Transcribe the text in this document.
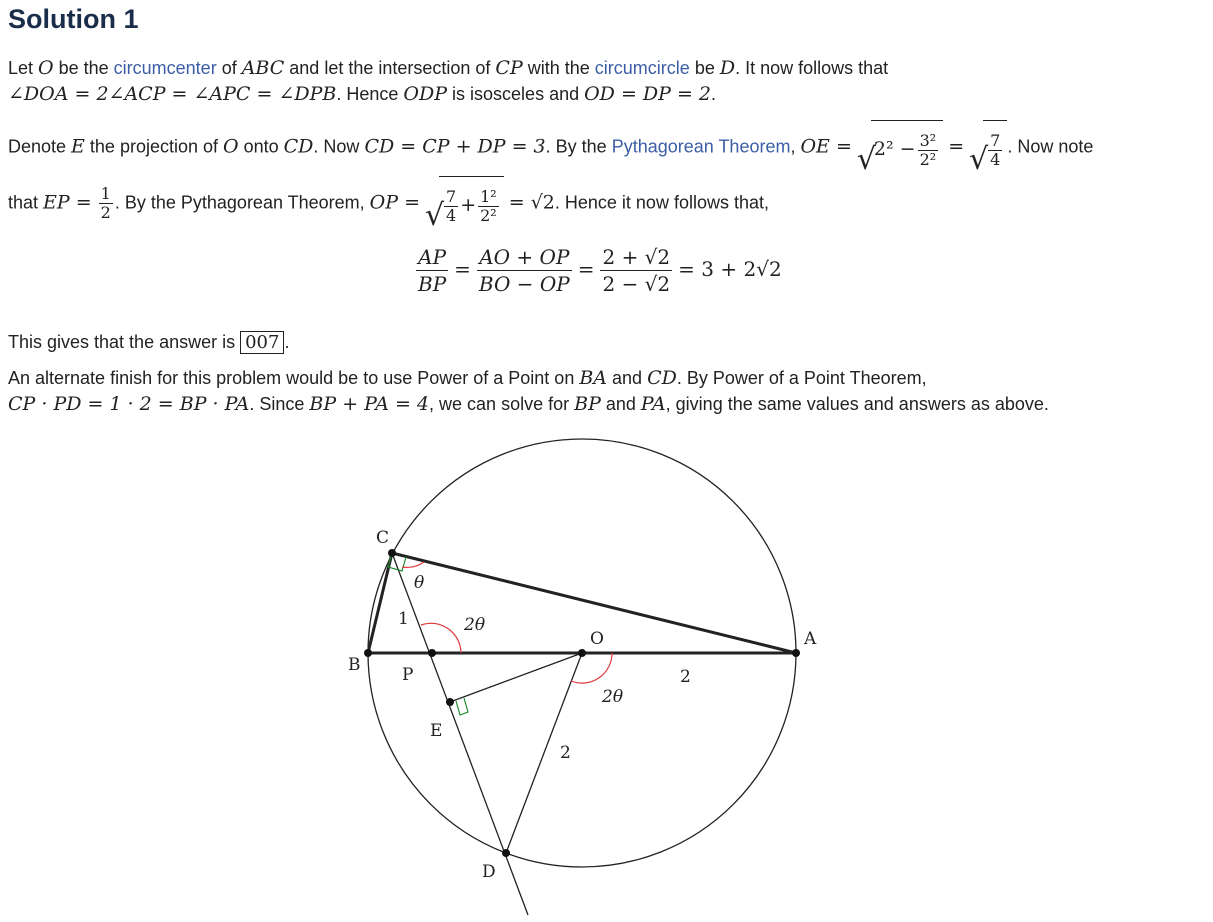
Solution 1
Let O be the circumcenter of ABC and let the intersection of CP with the circumcircle be D. It now follows that
∠DOA = 2∠ACP = ∠APC = ∠DPB. Hence ODP is isosceles and OD = DP = 2.
Denote E the projection of O onto CD. Now CD = CP + DP = 3. By the Pythagorean Theorem, OE = √
$2^2 - \frac{\text{3²}}{\text{2²}}$ = √ $\frac{7}{4}$ . Now note
that EP = $\frac{1}{2}$ . By the Pythagorean Theorem, OP = √ $\frac{7}{4} + \frac{\text{1²}}{\text{2²}} = √2$. Hence it now follows that,
$\frac{AP}{BP} = \frac{AO + OP}{BO - OP} = \frac{2 + √2}{2 - √2} = 3 + 2√2$
This gives that the answer is 007 .
An alternate finish for this problem would be to use Power of a Point on BA and CD. By Power of a Point Theorem,
CP · PD = 1 · 2 = BP · PA. Since BP + PA = 4, we can solve for BP and PA, giving the same values and answers as above.
C
B P
O	A
E
D
θ
2θ
2θ
1
2
2
